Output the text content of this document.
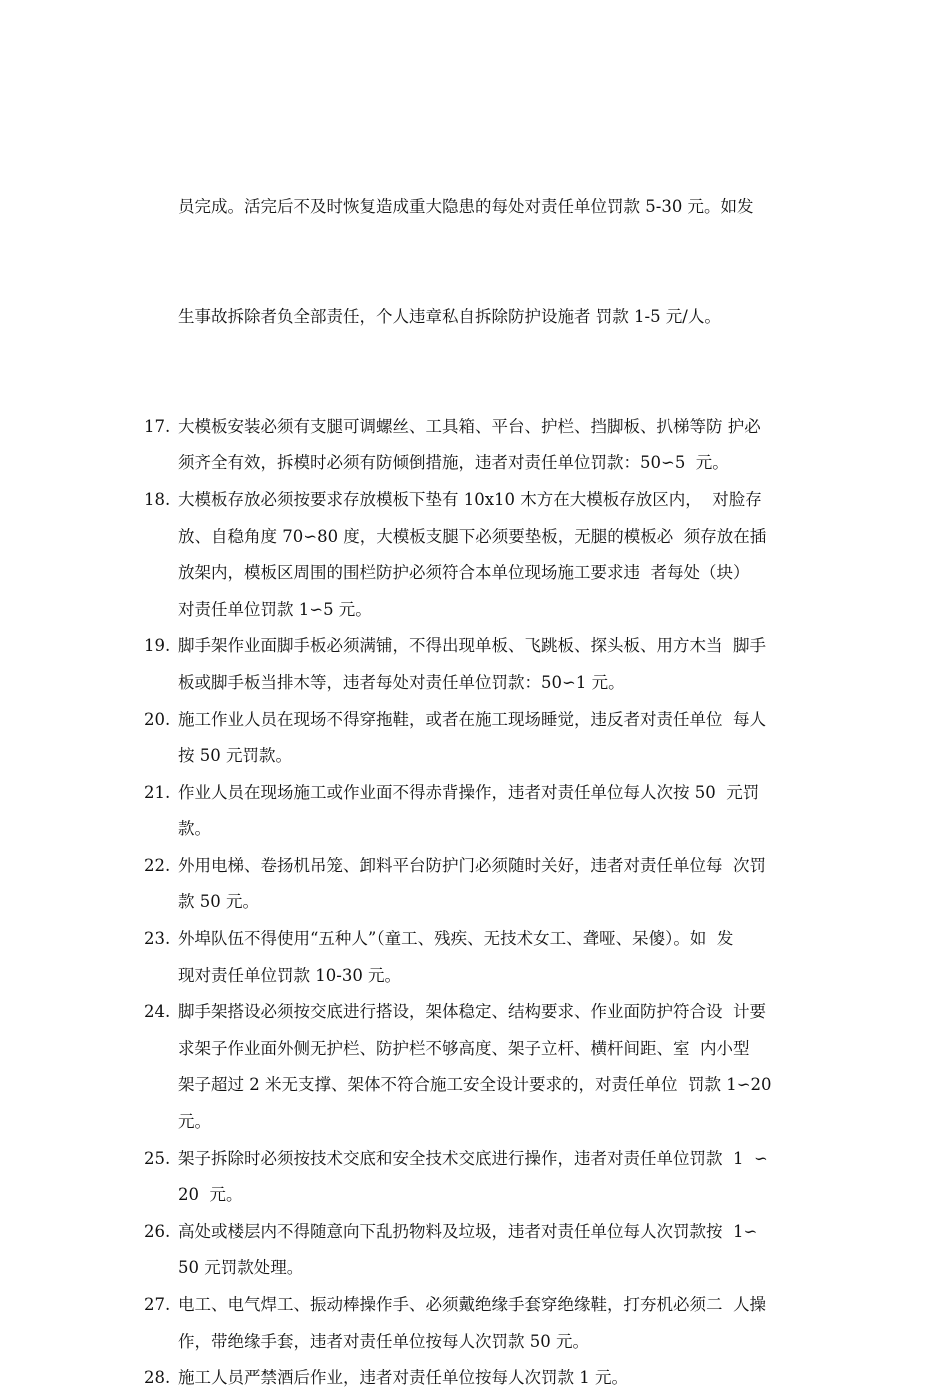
员完成。活完后不及时恢复造成重大隐患的每处对责任单位罚款 5-30 元。如发

生事故拆除者负全部责任，个人违章私自拆除防护设施者 罚款 1-5 元/人。

17. 大模板安装必须有支腿可调螺丝、工具箱、平台、护栏、挡脚板、扒梯等防 护必
须齐全有效，拆模时必须有防倾倒措施，违者对责任单位罚款：50∽5  元。
18. 大模板存放必须按要求存放模板下垫有 10x10 木方在大模板存放区内，  对脸存
放、自稳角度 70∽80 度，大模板支腿下必须要垫板，无腿的模板必  须存放在插
放架内，模板区周围的围栏防护必须符合本单位现场施工要求违  者每处（块）
对责任单位罚款 1∽5 元。
19. 脚手架作业面脚手板必须满铺，不得出现单板、飞跳板、探头板、用方木当  脚手
板或脚手板当排木等，违者每处对责任单位罚款：50∽1 元。
20. 施工作业人员在现场不得穿拖鞋，或者在施工现场睡觉，违反者对责任单位  每人
按 50 元罚款。
21. 作业人员在现场施工或作业面不得赤背操作，违者对责任单位每人次按 50  元罚
款。
22. 外用电梯、卷扬机吊笼、卸料平台防护门必须随时关好，违者对责任单位每  次罚
款 50 元。
23. 外埠队伍不得使用“五种人”（童工、残疾、无技术女工、聋哑、呆傻）。如  发
现对责任单位罚款 10-30 元。
24. 脚手架搭设必须按交底进行搭设，架体稳定、结构要求、作业面防护符合设  计要
求架子作业面外侧无护栏、防护栏不够高度、架子立杆、横杆间距、室  内小型
架子超过 2 米无支撑、架体不符合施工安全设计要求的，对责任单位  罚款 1∽20
元。
25. 架子拆除时必须按技术交底和安全技术交底进行操作，违者对责任单位罚款  1  ∽
20  元。
26. 高处或楼层内不得随意向下乱扔物料及垃圾，违者对责任单位每人次罚款按  1∽
50 元罚款处理。
27. 电工、电气焊工、振动棒操作手、必须戴绝缘手套穿绝缘鞋，打夯机必须二  人操
作，带绝缘手套，违者对责任单位按每人次罚款 50 元。
28. 施工人员严禁酒后作业，违者对责任单位按每人次罚款 1 元。
